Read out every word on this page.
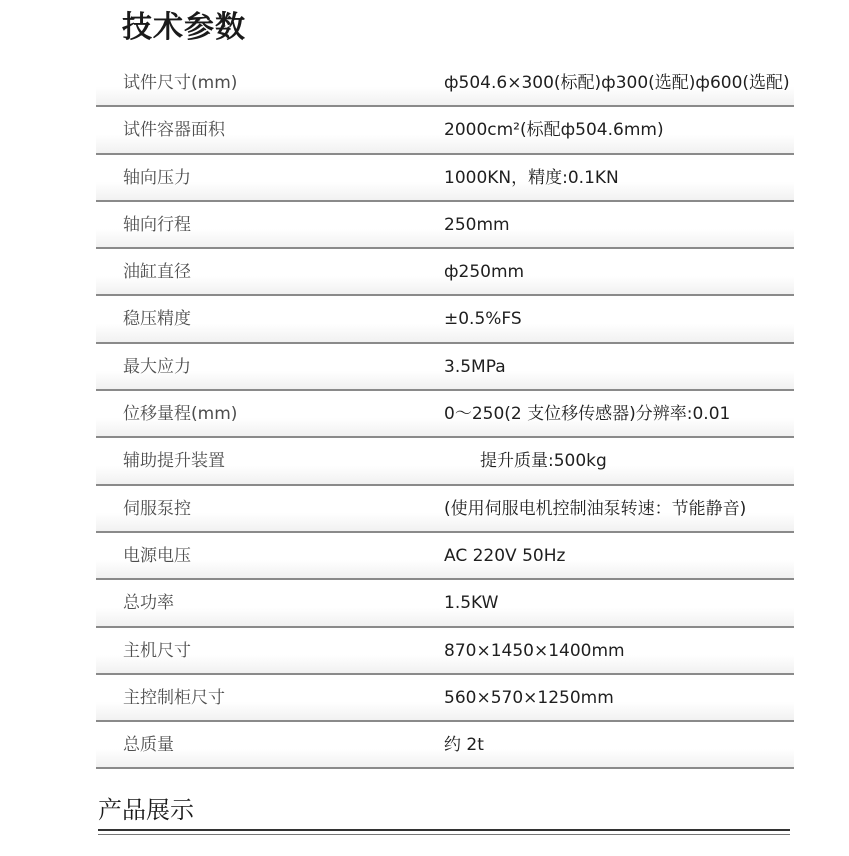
技术参数
试件尺寸(mm)	ф504.6×300(标配)ф300(选配)ф600(选配)
试件容器面积	2000cm²(标配ф504.6mm)
轴向压力	1000KN，精度:0.1KN
轴向行程	250mm
油缸直径	ф250mm
稳压精度	±0.5%FS
最大应力	3.5MPa
位移量程(mm)	0～250(2 支位移传感器)分辨率:0.01
辅助提升装置	提升质量:500kg
伺服泵控	(使用伺服电机控制油泵转速：节能静音)
电源电压	AC 220V 50Hz
总功率	1.5KW
主机尺寸	870×1450×1400mm
主控制柜尺寸	560×570×1250mm
总质量	约 2t
产品展示
